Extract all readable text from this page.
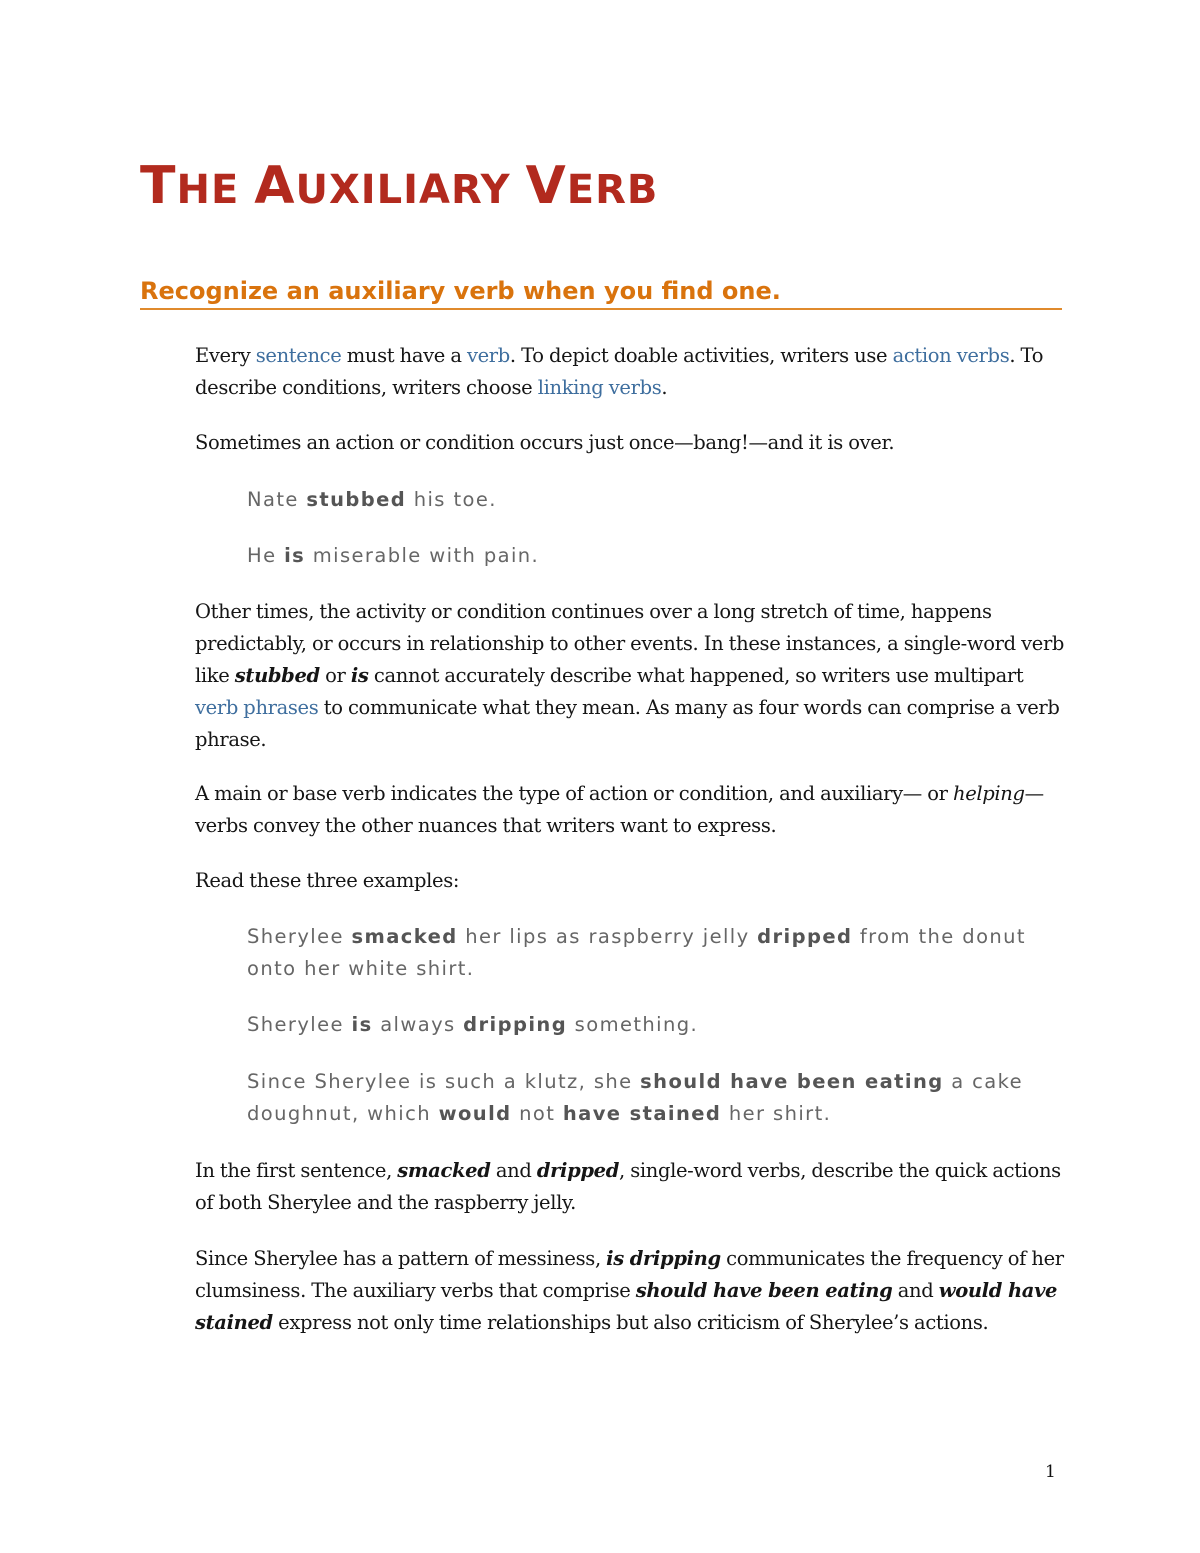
THE AUXILIARY VERB
Recognize an auxiliary verb when you find one.

Every sentence must have a verb. To depict doable activities, writers use action verbs. To describe conditions, writers choose linking verbs.

Sometimes an action or condition occurs just once—bang!—and it is over.

Nate stubbed his toe.

He is miserable with pain.

Other times, the activity or condition continues over a long stretch of time, happens predictably, or occurs in relationship to other events. In these instances, a single-word verb like stubbed or is cannot accurately describe what happened, so writers use multipart verb phrases to communicate what they mean. As many as four words can comprise a verb phrase.

A main or base verb indicates the type of action or condition, and auxiliary— or helping—verbs convey the other nuances that writers want to express.

Read these three examples:

Sherylee smacked her lips as raspberry jelly dripped from the donut onto her white shirt.

Sherylee is always dripping something.

Since Sherylee is such a klutz, she should have been eating a cake doughnut, which would not have stained her shirt.

In the first sentence, smacked and dripped, single-word verbs, describe the quick actions of both Sherylee and the raspberry jelly.

Since Sherylee has a pattern of messiness, is dripping communicates the frequency of her clumsiness. The auxiliary verbs that comprise should have been eating and would have stained express not only time relationships but also criticism of Sherylee’s actions.

1
